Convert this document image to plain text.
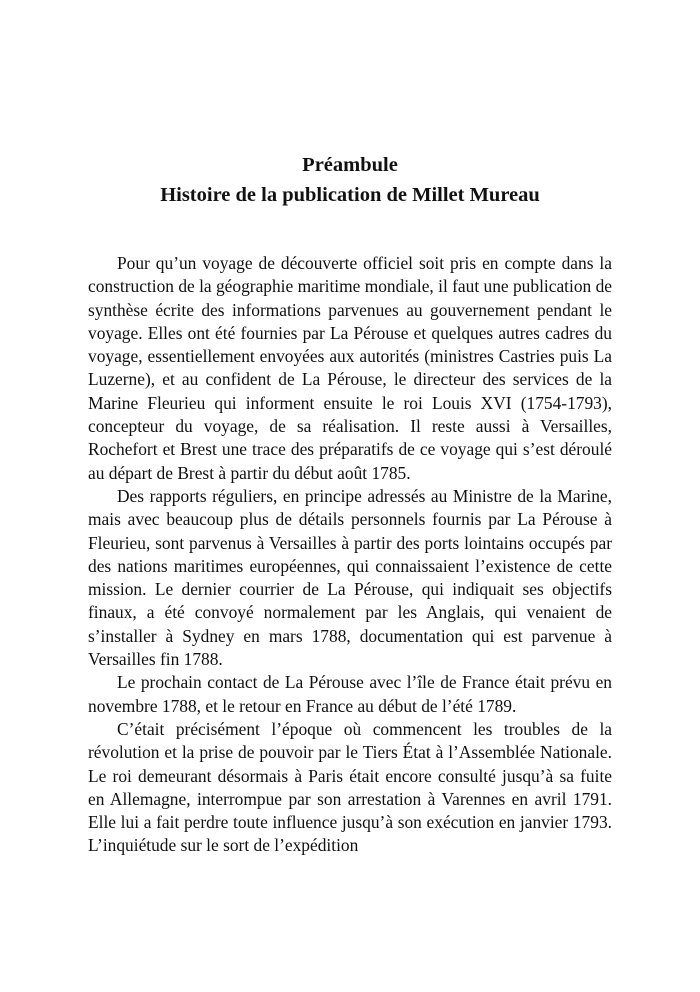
Préambule
Histoire de la publication de Millet Mureau

Pour qu’un voyage de découverte officiel soit pris en compte dans la construction de la géographie maritime mondiale, il faut une publication de synthèse écrite des informations parvenues au gouvernement pendant le voyage. Elles ont été fournies par La Pérouse et quelques autres cadres du voyage, essentiellement envoyées aux autorités (ministres Castries puis La Luzerne), et au confident de La Pérouse, le directeur des services de la Marine Fleurieu qui informent ensuite le roi Louis XVI (1754-1793), concepteur du voyage, de sa réalisation. Il reste aussi à Versailles, Rochefort et Brest une trace des préparatifs de ce voyage qui s’est déroulé au départ de Brest à partir du début août 1785.

Des rapports réguliers, en principe adressés au Ministre de la Marine, mais avec beaucoup plus de détails personnels fournis par La Pérouse à Fleurieu, sont parvenus à Versailles à partir des ports lointains occupés par des nations maritimes européennes, qui connaissaient l’existence de cette mission. Le dernier courrier de La Pérouse, qui indiquait ses objectifs finaux, a été convoyé normalement par les Anglais, qui venaient de s’installer à Sydney en mars 1788, documentation qui est parvenue à Versailles fin 1788.

Le prochain contact de La Pérouse avec l’île de France était prévu en novembre 1788, et le retour en France au début de l’été 1789.

C’était précisément l’époque où commencent les troubles de la révolution et la prise de pouvoir par le Tiers État à l’Assemblée Nationale. Le roi demeurant désormais à Paris était encore consulté jusqu’à sa fuite en Allemagne, interrompue par son arrestation à Varennes en avril 1791. Elle lui a fait perdre toute influence jusqu’à son exécution en janvier 1793. L’inquiétude sur le sort de l’expédition
